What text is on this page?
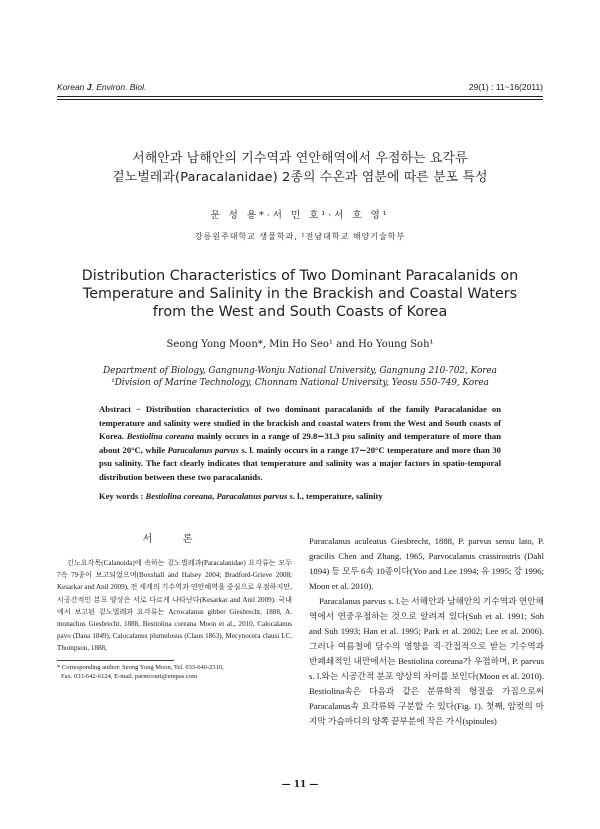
Korean J. Environ. Biol.	29(1) : 11~16(2011)
서해안과 남해안의 기수역과 연안해역에서 우점하는 요각류
겉노벌레과(Paracalanidae) 2종의 수온과 염분에 따른 분포 특성
문 성 용*·서 민 호¹·서 호 영¹
강릉원주대학교 생물학과, ¹전남대학교 해양기술학부
Distribution Characteristics of Two Dominant Paracalanids on
Temperature and Salinity in the Brackish and Coastal Waters
from the West and South Coasts of Korea
Seong Yong Moon*, Min Ho Seo¹ and Ho Young Soh¹
Department of Biology, Gangnung-Wonju National University, Gangnung 210-702, Korea
¹Division of Marine Technology, Chonnam National University, Yeosu 550-749, Korea
Abstract − Distribution characteristics of two dominant paracalanids of the family Paracalanidae on temperature and salinity were studied in the brackish and coastal waters from the West and South coasts of Korea. Bestiolina coreana mainly occurs in a range of 29.8∼31.3 psu salinity and temperature of more than about 20°C, while Paracalanus parvus s. l. mainly occurs in a range 17∼20°C temperature and more than 30 psu salinity. The fact clearly indicates that temperature and salinity was a major factors in spatio-temporal distribution between these two paracalanids.
Key words : Bestiolina coreana, Paracalanus parvus s. l., temperature, salinity
서 론

긴노요각목(Calanoida)에 속하는 겉노벌레과(Paracalanidae) 요각류는 모두 7속 79종이 보고되었으며(Boxshall and Halsey 2004; Bradford-Grieve 2008; Kesarkar and Anil 2009), 전 세계의 기수역과 연안해역을 중심으로 우점하지만, 시공간적인 분포 양상은 서로 다르게 나타난다(Kesarkar and Anil 2009). 국내에서 보고된 겉노벌레과 요각류는 Acrocalanus gibber Giesbrecht, 1888, A. monachus Giesbrecht, 1888, Bestiolina coreana Moon et al., 2010, Calocalanus pavo (Dana 1849), Calocalanus plumulosus (Claus 1863), Mecynocera clausi I.C. Thompson, 1888,

Paracalanus aculeatus Giesbrecht, 1888, P. parvus sensu lato, P. gracilis Chen and Zhang, 1965, Parvocalanus crassirostris (Dahl 1894) 등 모두 6속 10종이다(Yoo and Lee 1994; 유 1995; 강 1996; Moon et al. 2010).

Paracalanus parvus s. l.는 서해안과 남해안의 기수역과 연안해역에서 연중우점하는 것으로 알려져 있다(Suh et al. 1991; Soh and Suh 1993; Han et al. 1995; Park et al. 2002; Lee et al. 2006). 그러나 여름철에 담수의 영향을 직·간접적으로 받는 기수역과 반폐쇄적인 내만에서는 Bestiolina coreana가 우점하며, P. parvus s. l.와는 시공간적 분포 양상의 차이를 보인다(Moon et al. 2010). Bestiolina속은 다음과 같은 분류학적 형질을 가짐으로써 Paracalanus속 요각류와 구분할 수 있다(Fig. 1). 첫째, 암컷의 마지막 가슴마디의 양쪽 끝부분에 작은 가시(spinules)

* Corresponding author: Seong Yong Moon, Tel. 033-640-2310,
Fax. 033-642-6124, E-mail. parmcourt@empas.com
— 11 —
